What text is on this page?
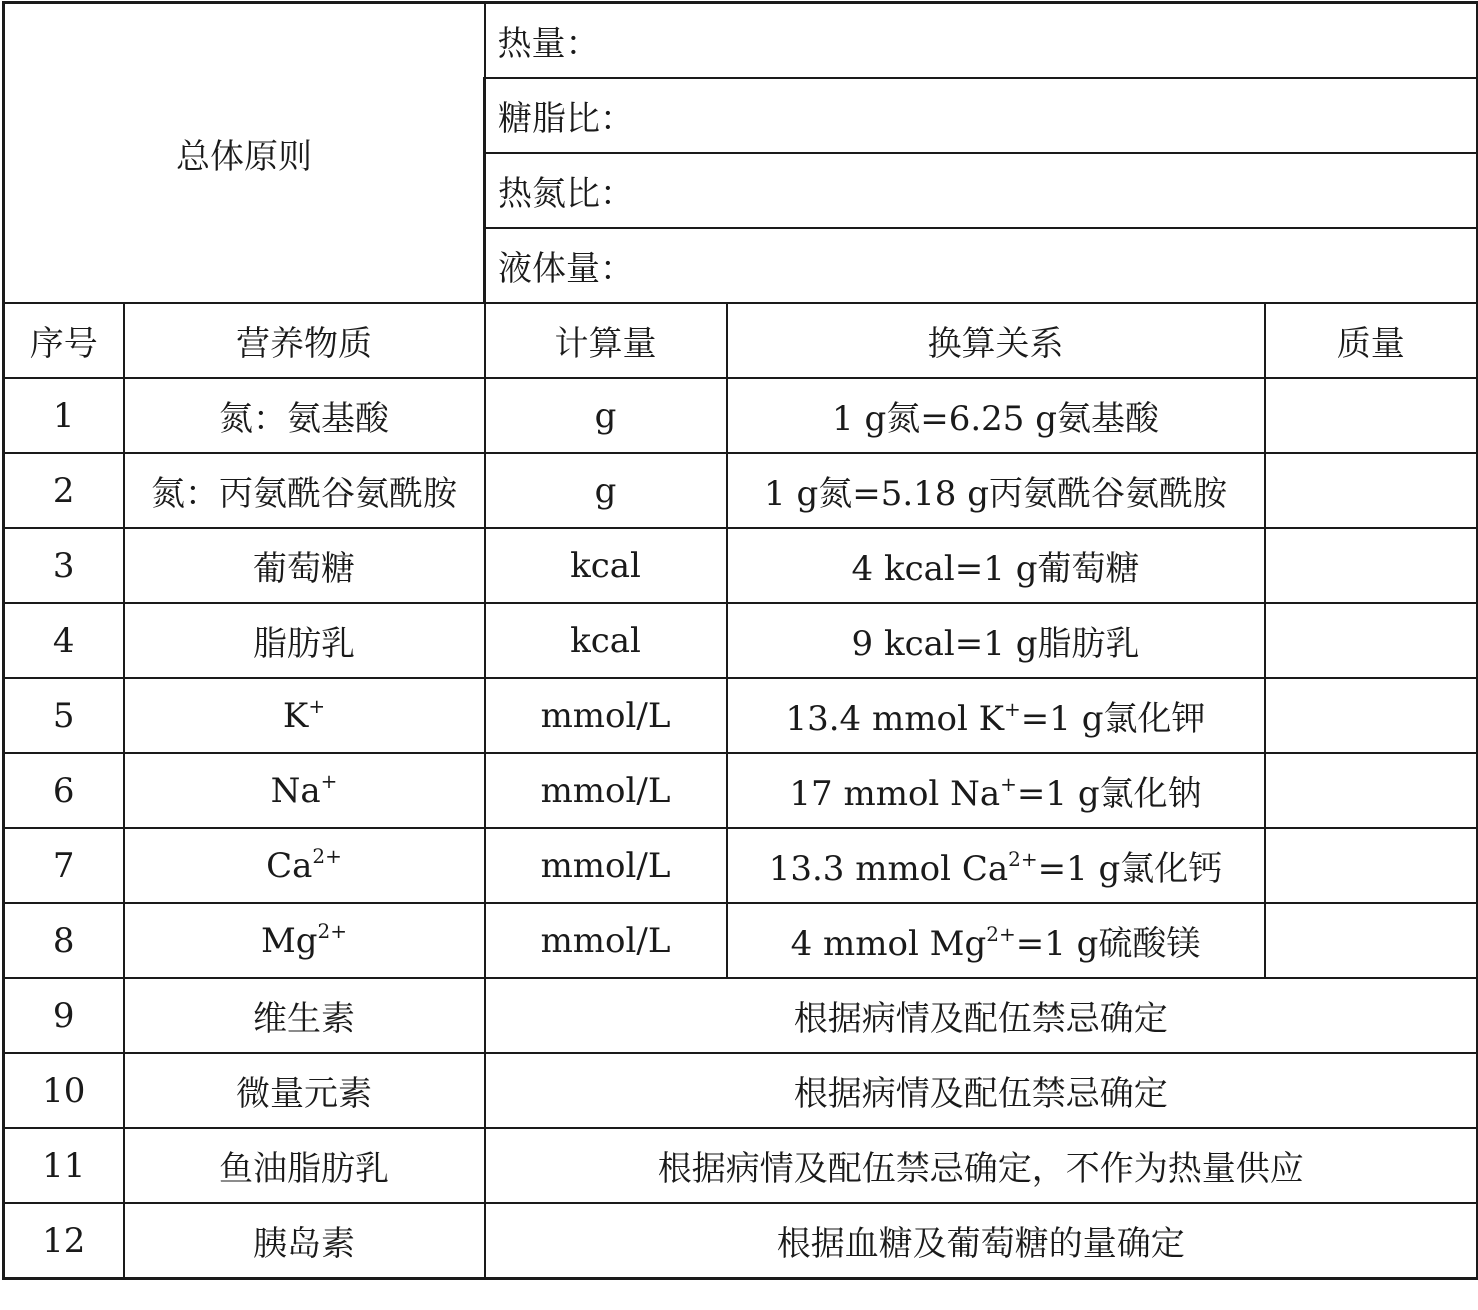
总体原则		热量：		
		糖脂比：		
		热氮比：		
		液体量：		
序号	营养物质	计算量	换算关系	质量
1	氮：氨基酸	g	1 g氮=6.25 g氨基酸	
2	氮：丙氨酰谷氨酰胺	g	1 g氮=5.18 g丙氨酰谷氨酰胺	
3	葡萄糖	kcal	4 kcal=1 g葡萄糖	
4	脂肪乳	kcal	9 kcal=1 g脂肪乳	
5	K+	mmol/L	13.4 mmol K+=1 g氯化钾	
6	Na+	mmol/L	17 mmol Na+=1 g氯化钠	
7	$Ca^{2+}$	mmol/L	13.3 mmol $Ca^{2+}=1$ g氯化钙	
8	$Mg^{2+}$	mmol/L	4 mmol $Mg^{2+}=1$ g硫酸镁	
9	维生素	根据病情及配伍禁忌确定		
10	微量元素	根据病情及配伍禁忌确定		
11	鱼油脂肪乳	根据病情及配伍禁忌确定，不作为热量供应		
12	胰岛素	根据血糖及葡萄糖的量确定		
